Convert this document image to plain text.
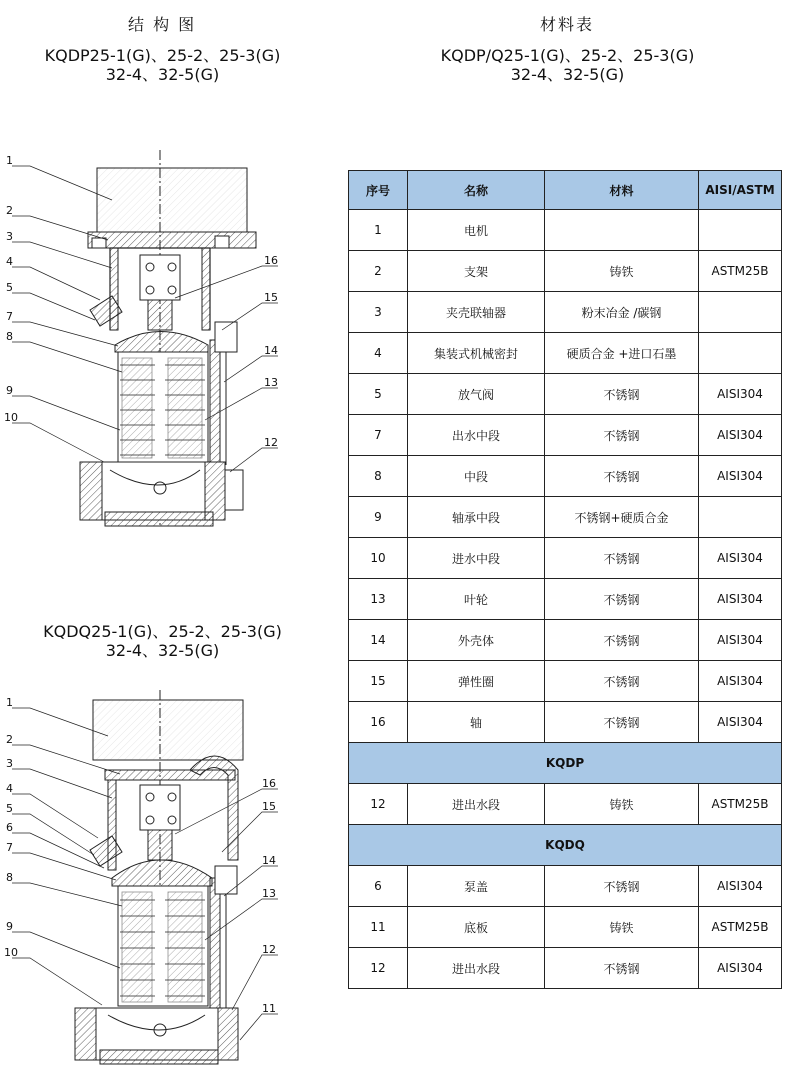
结 构 图	材料表
KQDP25-1(G)、25-2、25-3(G)
32-4、32-5(G)
KQDP/Q25-1(G)、25-2、25-3(G)
32-4、32-5(G)
KQDQ25-1(G)、25-2、25-3(G)
32-4、32-5(G)
1
2
3
4
5
7
8
9
10
16
15
14
13
12
1
2
3
4
5
6
7
8
9
10
16
15
14
13
12
11
序号	名称	材料	AISI/ASTM
1	电机		
2	支架	铸铁	ASTM25B
3	夹壳联轴器	粉末冶金 /碳钢	
4	集装式机械密封	硬质合金 +进口石墨	
5	放气阀	不锈钢	AISI304
7	出水中段	不锈钢	AISI304
8	中段	不锈钢	AISI304
9	轴承中段	不锈钢+硬质合金	
10	进水中段	不锈钢	AISI304
13	叶轮	不锈钢	AISI304
14	外壳体	不锈钢	AISI304
15	弹性圈	不锈钢	AISI304
16	轴	不锈钢	AISI304
KQDP			
12	进出水段	铸铁	ASTM25B
KQDQ			
6	泵盖	不锈钢	AISI304
11	底板	铸铁	ASTM25B
12	进出水段	不锈钢	AISI304
